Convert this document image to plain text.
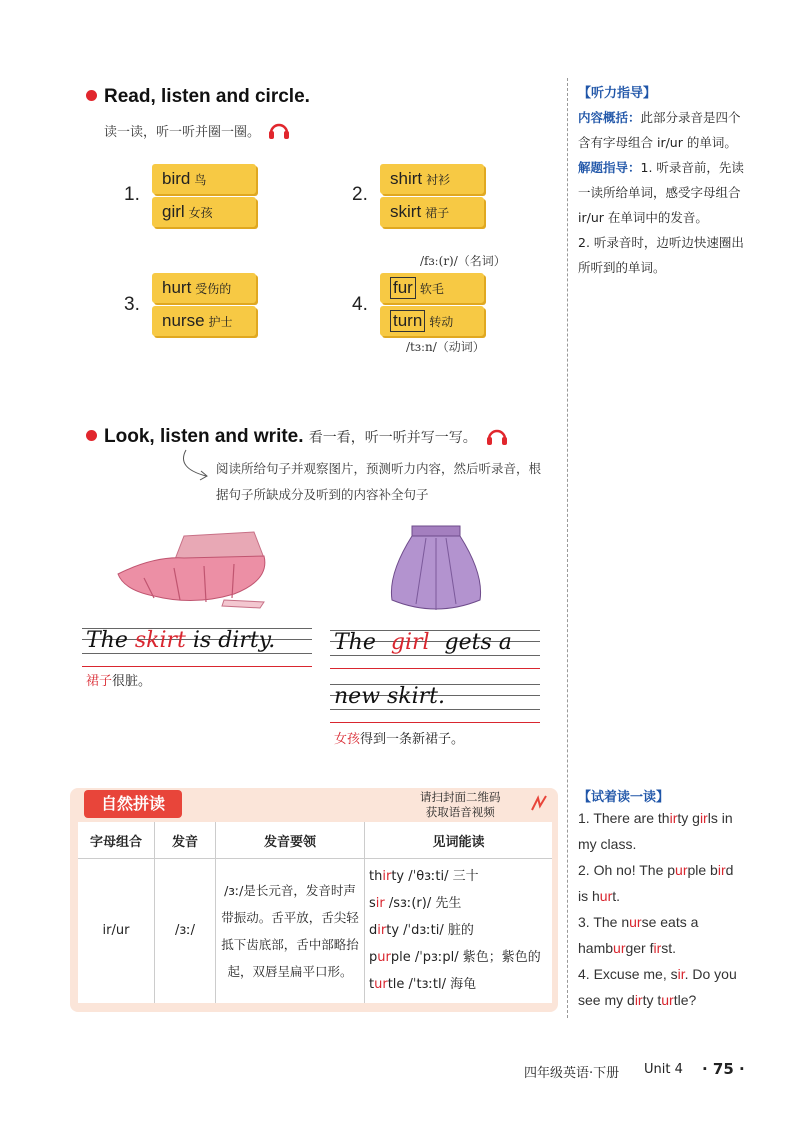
Read, listen and circle.
读一读，听一听并圈一圈。
1.
bird 鸟
girl 女孩
2.
shirt 衬衫
skirt 裙子
/fɜː(r)/（名词）
3.
hurt 受伤的
nurse 护士
4.
fur 软毛
turn 转动
/tɜːn/（动词）
Look, listen and write. 看一看，听一听并写一写。
阅读所给句子并观察图片，预测听力内容，然后听录音，根据句子所缺成分及听到的内容补全句子
The skirt is dirty.
裙子很脏。
The girl gets a
new skirt.
女孩得到一条新裙子。
自然拼读	请扫封面二维码
获取语音视频
字母组合	发音	发音要领	见词能读
ir/ur	/ɜː/	/ɜː/是长元音，发音时声带振动。舌平放，舌尖轻抵下齿底部，舌中部略抬起，双唇呈扁平口形。	thirty /ˈθɜːti/ 三十
sir /sɜː(r)/ 先生
dirty /ˈdɜːti/ 脏的
purple /ˈpɜːpl/ 紫色；紫色的
turtle /ˈtɜːtl/ 海龟
【听力指导】
内容概括：此部分录音是四个含有字母组合 ir/ur 的单词。
解题指导：1. 听录音前，先读一读所给单词，感受字母组合 ir/ur 在单词中的发音。
2. 听录音时，边听边快速圈出所听到的单词。
【试着读一读】
1. There are thirty girls in my class.
2. Oh no! The purple bird is hurt.
3. The nurse eats a hamburger first.
4. Excuse me, sir. Do you see my dirty turtle?
四年级英语·下册 Unit 4 · 75 ·
